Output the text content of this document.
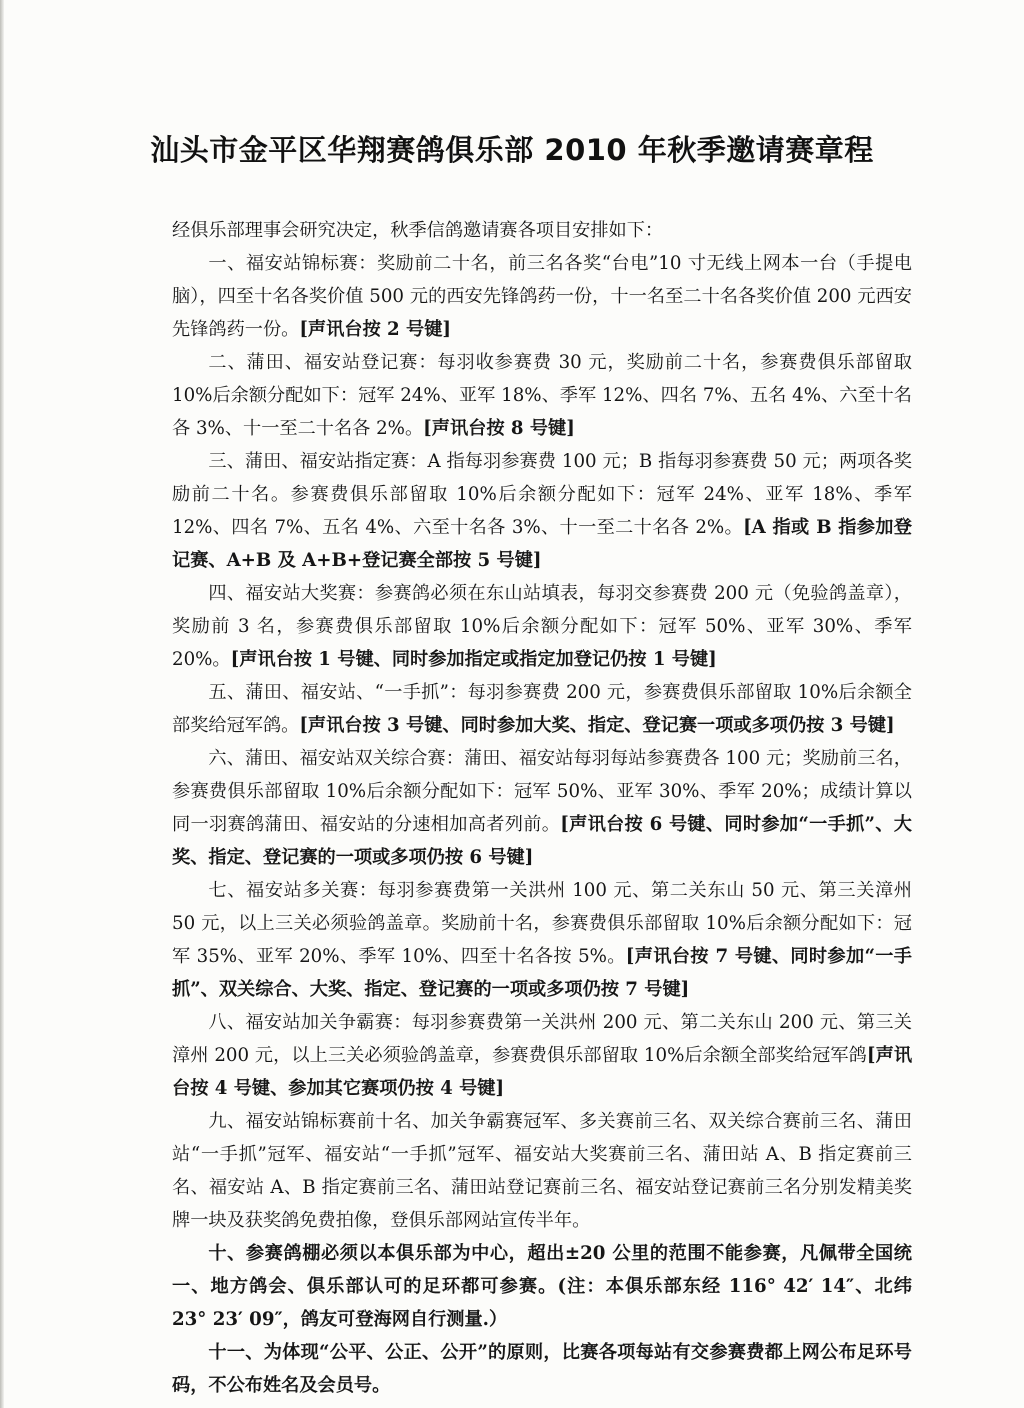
汕头市金平区华翔赛鸽俱乐部 2010 年秋季邀请赛章程

经俱乐部理事会研究决定，秋季信鸽邀请赛各项目安排如下：

一、福安站锦标赛：奖励前二十名，前三名各奖“台电”10 寸无线上网本一台（手提电脑），四至十名各奖价值 500 元的西安先锋鸽药一份，十一名至二十名各奖价值 200 元西安先锋鸽药一份。[声讯台按 2 号键]

二、蒲田、福安站登记赛：每羽收参赛费 30 元，奖励前二十名，参赛费俱乐部留取 10%后余额分配如下：冠军 24%、亚军 18%、季军 12%、四名 7%、五名 4%、六至十名各 3%、十一至二十名各 2%。[声讯台按 8 号键]

三、蒲田、福安站指定赛：A 指每羽参赛费 100 元；B 指每羽参赛费 50 元；两项各奖励前二十名。参赛费俱乐部留取 10%后余额分配如下：冠军 24%、亚军 18%、季军 12%、四名 7%、五名 4%、六至十名各 3%、十一至二十名各 2%。[A 指或 B 指参加登记赛、A+B 及 A+B+登记赛全部按 5 号键]

四、福安站大奖赛：参赛鸽必须在东山站填表，每羽交参赛费 200 元（免验鸽盖章），奖励前 3 名，参赛费俱乐部留取 10%后余额分配如下：冠军 50%、亚军 30%、季军 20%。[声讯台按 1 号键、同时参加指定或指定加登记仍按 1 号键]

五、蒲田、福安站、“一手抓”：每羽参赛费 200 元，参赛费俱乐部留取 10%后余额全部奖给冠军鸽。[声讯台按 3 号键、同时参加大奖、指定、登记赛一项或多项仍按 3 号键]

六、蒲田、福安站双关综合赛：蒲田、福安站每羽每站参赛费各 100 元；奖励前三名，参赛费俱乐部留取 10%后余额分配如下：冠军 50%、亚军 30%、季军 20%；成绩计算以同一羽赛鸽蒲田、福安站的分速相加高者列前。[声讯台按 6 号键、同时参加“一手抓”、大奖、指定、登记赛的一项或多项仍按 6 号键]

七、福安站多关赛：每羽参赛费第一关洪州 100 元、第二关东山 50 元、第三关漳州 50 元，以上三关必须验鸽盖章。奖励前十名，参赛费俱乐部留取 10%后余额分配如下：冠军 35%、亚军 20%、季军 10%、四至十名各按 5%。[声讯台按 7 号键、同时参加“一手抓”、双关综合、大奖、指定、登记赛的一项或多项仍按 7 号键]

八、福安站加关争霸赛：每羽参赛费第一关洪州 200 元、第二关东山 200 元、第三关漳州 200 元，以上三关必须验鸽盖章，参赛费俱乐部留取 10%后余额全部奖给冠军鸽[声讯台按 4 号键、参加其它赛项仍按 4 号键]

九、福安站锦标赛前十名、加关争霸赛冠军、多关赛前三名、双关综合赛前三名、蒲田站“一手抓”冠军、福安站“一手抓”冠军、福安站大奖赛前三名、蒲田站 A、B 指定赛前三名、福安站 A、B 指定赛前三名、蒲田站登记赛前三名、福安站登记赛前三名分别发精美奖牌一块及获奖鸽免费拍像，登俱乐部网站宣传半年。

十、参赛鸽棚必须以本俱乐部为中心，超出±20 公里的范围不能参赛，凡佩带全国统一、地方鸽会、俱乐部认可的足环都可参赛。(注：本俱乐部东经 116° 42′ 14″、北纬 23° 23′ 09″，鸽友可登海网自行测量.）

十一、为体现“公平、公正、公开”的原则，比赛各项每站有交参赛费都上网公布足环号码，不公布姓名及会员号。
